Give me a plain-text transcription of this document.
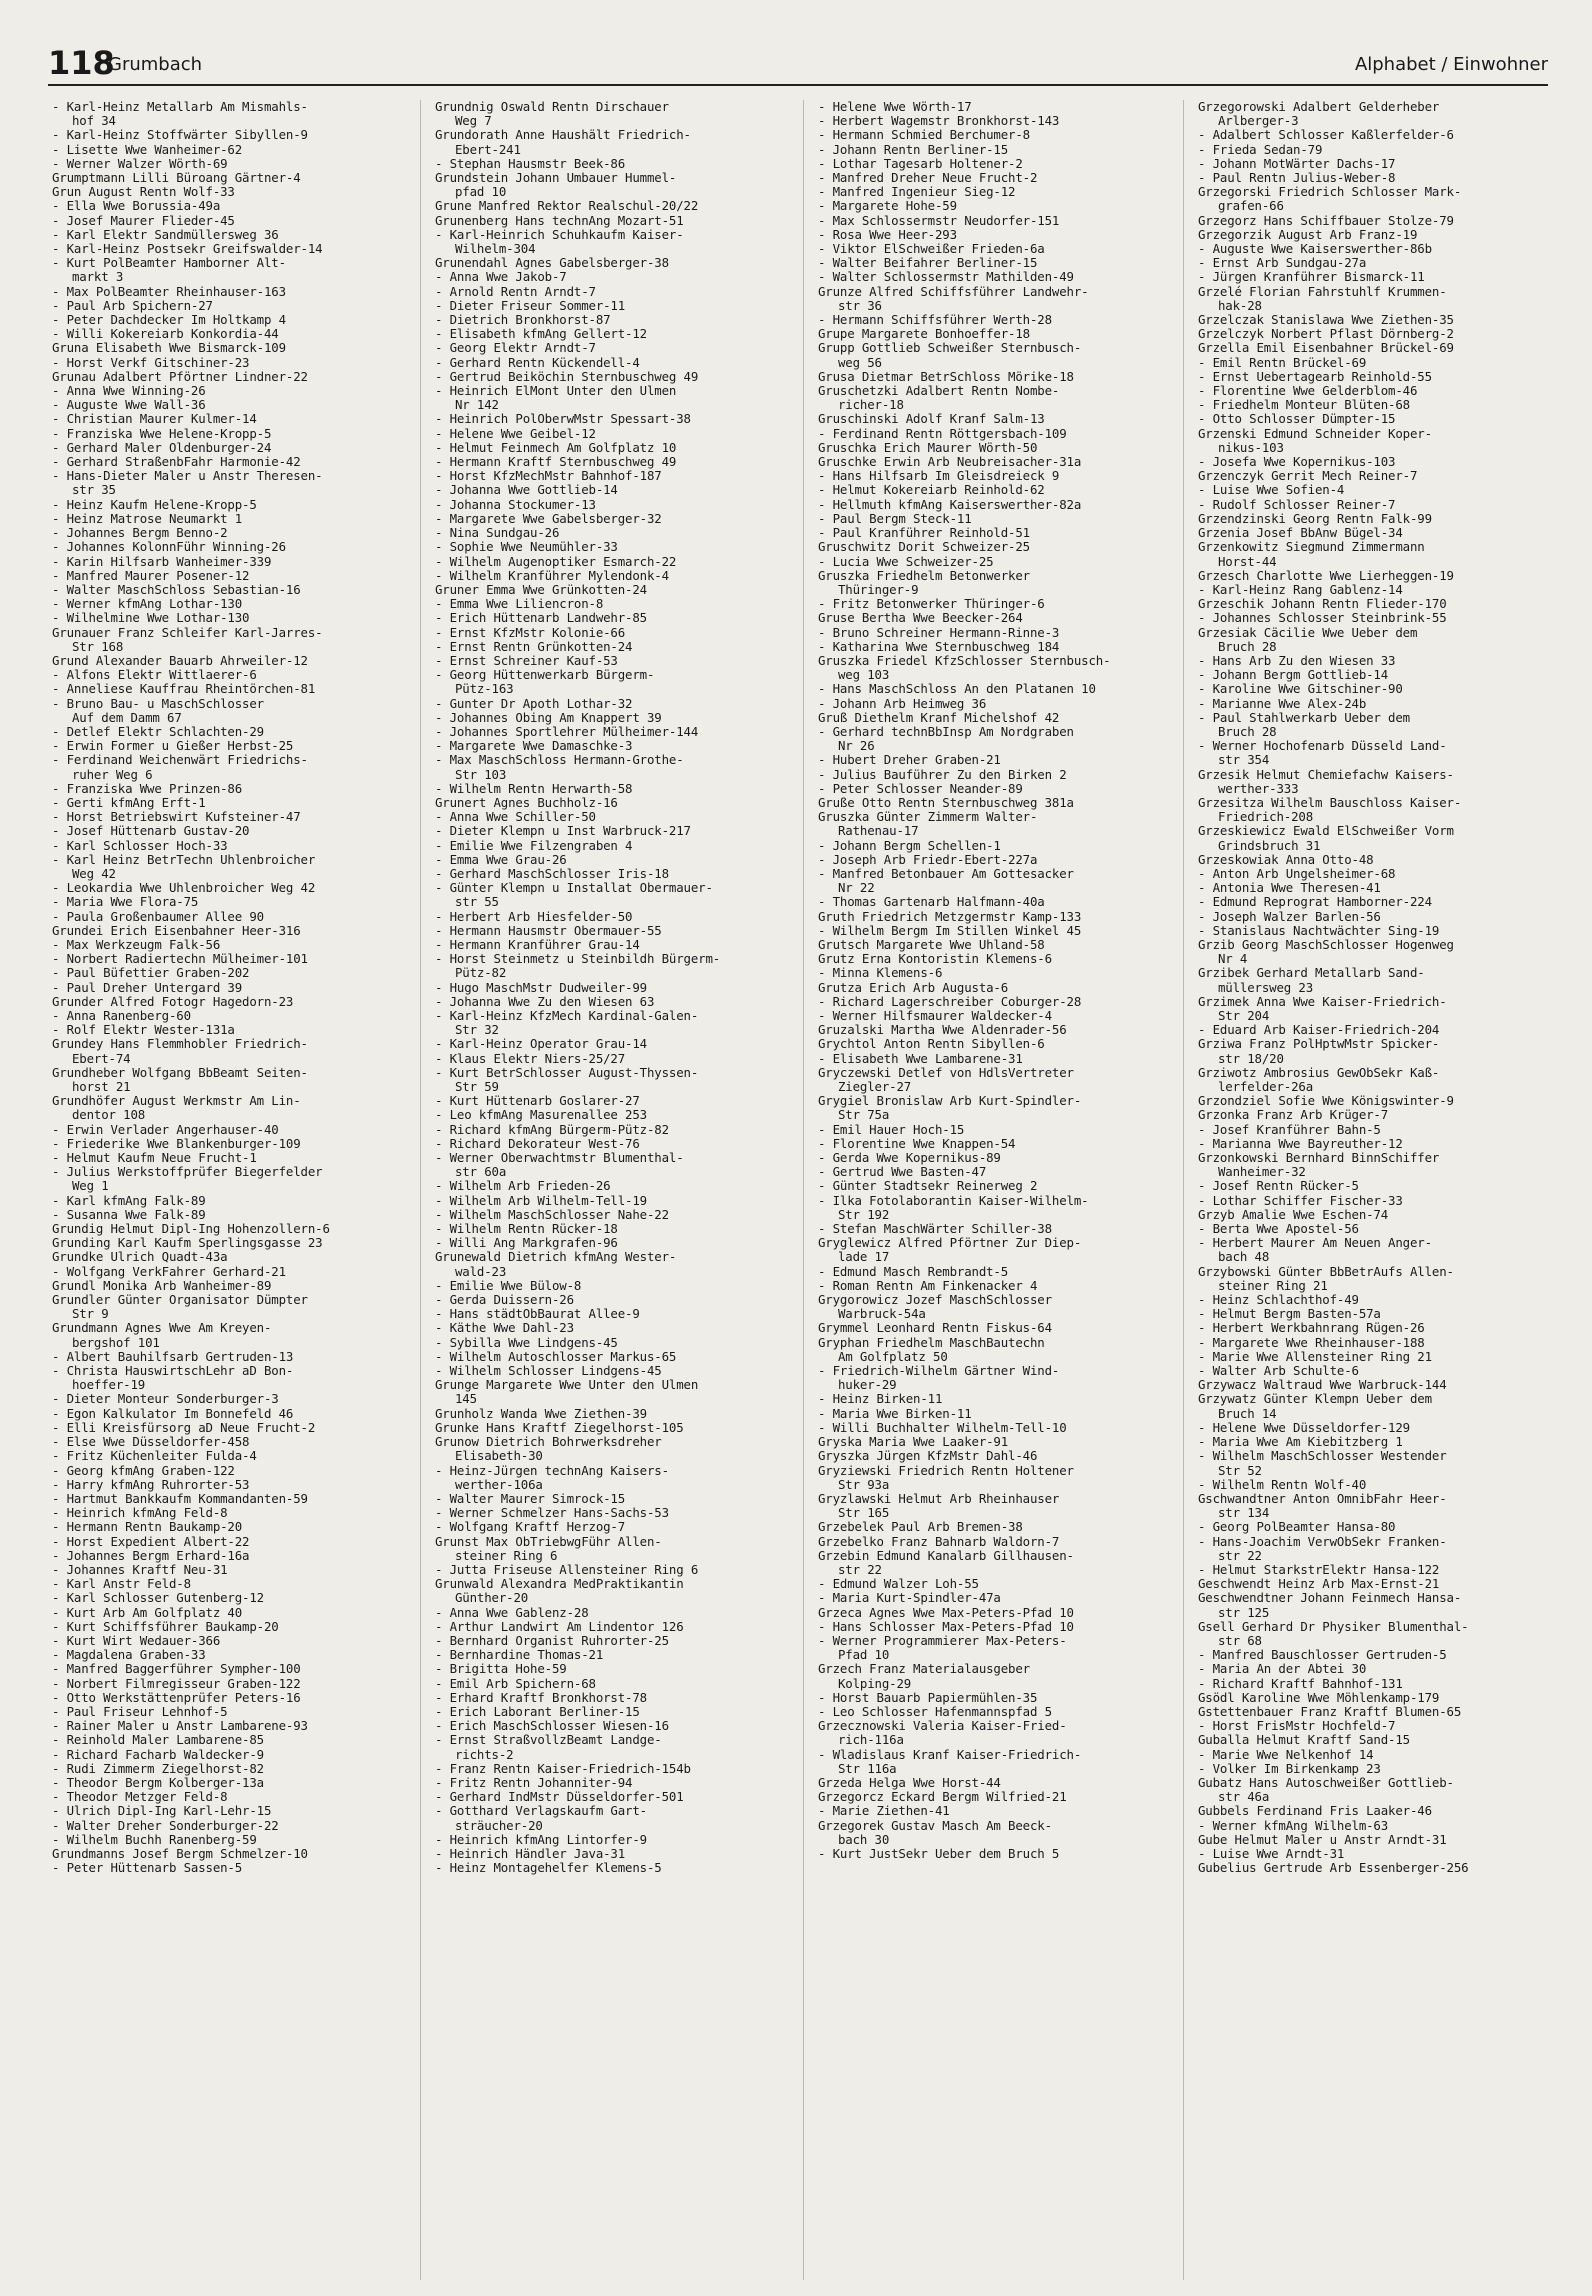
118
Grumbach	Alphabet / Einwohner
- Karl-Heinz Metallarb Am Mismahls-
hof 34
- Karl-Heinz Stoffwärter Sibyllen-9
- Lisette Wwe Wanheimer-62
- Werner Walzer Wörth-69
Grumptmann Lilli Büroang Gärtner-4
Grun August Rentn Wolf-33
- Ella Wwe Borussia-49a
- Josef Maurer Flieder-45
- Karl Elektr Sandmüllersweg 36
- Karl-Heinz Postsekr Greifswalder-14
- Kurt PolBeamter Hamborner Alt-
markt 3
- Max PolBeamter Rheinhauser-163
- Paul Arb Spichern-27
- Peter Dachdecker Im Holtkamp 4
- Willi Kokereiarb Konkordia-44
Gruna Elisabeth Wwe Bismarck-109
- Horst Verkf Gitschiner-23
Grunau Adalbert Pförtner Lindner-22
- Anna Wwe Winning-26
- Auguste Wwe Wall-36
- Christian Maurer Kulmer-14
- Franziska Wwe Helene-Kropp-5
- Gerhard Maler Oldenburger-24
- Gerhard StraßenbFahr Harmonie-42
- Hans-Dieter Maler u Anstr Theresen-
str 35
- Heinz Kaufm Helene-Kropp-5
- Heinz Matrose Neumarkt 1
- Johannes Bergm Benno-2
- Johannes KolonnFühr Winning-26
- Karin Hilfsarb Wanheimer-339
- Manfred Maurer Posener-12
- Walter MaschSchloss Sebastian-16
- Werner kfmAng Lothar-130
- Wilhelmine Wwe Lothar-130
Grunauer Franz Schleifer Karl-Jarres-
Str 168
Grund Alexander Bauarb Ahrweiler-12
- Alfons Elektr Wittlaerer-6
- Anneliese Kauffrau Rheintörchen-81
- Bruno Bau- u MaschSchlosser
Auf dem Damm 67
- Detlef Elektr Schlachten-29
- Erwin Former u Gießer Herbst-25
- Ferdinand Weichenwärt Friedrichs-
ruher Weg 6
- Franziska Wwe Prinzen-86
- Gerti kfmAng Erft-1
- Horst Betriebswirt Kufsteiner-47
- Josef Hüttenarb Gustav-20
- Karl Schlosser Hoch-33
- Karl Heinz BetrTechn Uhlenbroicher
Weg 42
- Leokardia Wwe Uhlenbroicher Weg 42
- Maria Wwe Flora-75
- Paula Großenbaumer Allee 90
Grundei Erich Eisenbahner Heer-316
- Max Werkzeugm Falk-56
- Norbert Radiertechn Mülheimer-101
- Paul Büfettier Graben-202
- Paul Dreher Untergard 39
Grunder Alfred Fotogr Hagedorn-23
- Anna Ranenberg-60
- Rolf Elektr Wester-131a
Grundey Hans Flemmhobler Friedrich-
Ebert-74
Grundheber Wolfgang BbBeamt Seiten-
horst 21
Grundhöfer August Werkmstr Am Lin-
dentor 108
- Erwin Verlader Angerhauser-40
- Friederike Wwe Blankenburger-109
- Helmut Kaufm Neue Frucht-1
- Julius Werkstoffprüfer Biegerfelder
Weg 1
- Karl kfmAng Falk-89
- Susanna Wwe Falk-89
Grundig Helmut Dipl-Ing Hohenzollern-6
Grunding Karl Kaufm Sperlingsgasse 23
Grundke Ulrich Quadt-43a
- Wolfgang VerkFahrer Gerhard-21
Grundl Monika Arb Wanheimer-89
Grundler Günter Organisator Dümpter
Str 9
Grundmann Agnes Wwe Am Kreyen-
bergshof 101
- Albert Bauhilfsarb Gertruden-13
- Christa HauswirtschLehr aD Bon-
hoeffer-19
- Dieter Monteur Sonderburger-3
- Egon Kalkulator Im Bonnefeld 46
- Elli Kreisfürsorg aD Neue Frucht-2
- Else Wwe Düsseldorfer-458
- Fritz Küchenleiter Fulda-4
- Georg kfmAng Graben-122
- Harry kfmAng Ruhrorter-53
- Hartmut Bankkaufm Kommandanten-59
- Heinrich kfmAng Feld-8
- Hermann Rentn Baukamp-20
- Horst Expedient Albert-22
- Johannes Bergm Erhard-16a
- Johannes Kraftf Neu-31
- Karl Anstr Feld-8
- Karl Schlosser Gutenberg-12
- Kurt Arb Am Golfplatz 40
- Kurt Schiffsführer Baukamp-20
- Kurt Wirt Wedauer-366
- Magdalena Graben-33
- Manfred Baggerführer Sympher-100
- Norbert Filmregisseur Graben-122
- Otto Werkstättenprüfer Peters-16
- Paul Friseur Lehnhof-5
- Rainer Maler u Anstr Lambarene-93
- Reinhold Maler Lambarene-85
- Richard Facharb Waldecker-9
- Rudi Zimmerm Ziegelhorst-82
- Theodor Bergm Kolberger-13a
- Theodor Metzger Feld-8
- Ulrich Dipl-Ing Karl-Lehr-15
- Walter Dreher Sonderburger-22
- Wilhelm Buchh Ranenberg-59
Grundmanns Josef Bergm Schmelzer-10
- Peter Hüttenarb Sassen-5
Grundnig Oswald Rentn Dirschauer
Weg 7
Grundorath Anne Haushält Friedrich-
Ebert-241
- Stephan Hausmstr Beek-86
Grundstein Johann Umbauer Hummel-
pfad 10
Grune Manfred Rektor Realschul-20/22
Grunenberg Hans technAng Mozart-51
- Karl-Heinrich Schuhkaufm Kaiser-
Wilhelm-304
Grunendahl Agnes Gabelsberger-38
- Anna Wwe Jakob-7
- Arnold Rentn Arndt-7
- Dieter Friseur Sommer-11
- Dietrich Bronkhorst-87
- Elisabeth kfmAng Gellert-12
- Georg Elektr Arndt-7
- Gerhard Rentn Kückendell-4
- Gertrud Beiköchin Sternbuschweg 49
- Heinrich ElMont Unter den Ulmen
Nr 142
- Heinrich PolOberwMstr Spessart-38
- Helene Wwe Geibel-12
- Helmut Feinmech Am Golfplatz 10
- Hermann Kraftf Sternbuschweg 49
- Horst KfzMechMstr Bahnhof-187
- Johanna Wwe Gottlieb-14
- Johanna Stockumer-13
- Margarete Wwe Gabelsberger-32
- Nina Sundgau-26
- Sophie Wwe Neumühler-33
- Wilhelm Augenoptiker Esmarch-22
- Wilhelm Kranführer Mylendonk-4
Gruner Emma Wwe Grünkotten-24
- Emma Wwe Liliencron-8
- Erich Hüttenarb Landwehr-85
- Ernst KfzMstr Kolonie-66
- Ernst Rentn Grünkotten-24
- Ernst Schreiner Kauf-53
- Georg Hüttenwerkarb Bürgerm-
Pütz-163
- Gunter Dr Apoth Lothar-32
- Johannes Obing Am Knappert 39
- Johannes Sportlehrer Mülheimer-144
- Margarete Wwe Damaschke-3
- Max MaschSchloss Hermann-Grothe-
Str 103
- Wilhelm Rentn Herwarth-58
Grunert Agnes Buchholz-16
- Anna Wwe Schiller-50
- Dieter Klempn u Inst Warbruck-217
- Emilie Wwe Filzengraben 4
- Emma Wwe Grau-26
- Gerhard MaschSchlosser Iris-18
- Günter Klempn u Installat Obermauer-
str 55
- Herbert Arb Hiesfelder-50
- Hermann Hausmstr Obermauer-55
- Hermann Kranführer Grau-14
- Horst Steinmetz u Steinbildh Bürgerm-
Pütz-82
- Hugo MaschMstr Dudweiler-99
- Johanna Wwe Zu den Wiesen 63
- Karl-Heinz KfzMech Kardinal-Galen-
Str 32
- Karl-Heinz Operator Grau-14
- Klaus Elektr Niers-25/27
- Kurt BetrSchlosser August-Thyssen-
Str 59
- Kurt Hüttenarb Goslarer-27
- Leo kfmAng Masurenallee 253
- Richard kfmAng Bürgerm-Pütz-82
- Richard Dekorateur West-76
- Werner Oberwachtmstr Blumenthal-
str 60a
- Wilhelm Arb Frieden-26
- Wilhelm Arb Wilhelm-Tell-19
- Wilhelm MaschSchlosser Nahe-22
- Wilhelm Rentn Rücker-18
- Willi Ang Markgrafen-96
Grunewald Dietrich kfmAng Wester-
wald-23
- Emilie Wwe Bülow-8
- Gerda Duissern-26
- Hans städtObBaurat Allee-9
- Käthe Wwe Dahl-23
- Sybilla Wwe Lindgens-45
- Wilhelm Autoschlosser Markus-65
- Wilhelm Schlosser Lindgens-45
Grunge Margarete Wwe Unter den Ulmen
145
Grunholz Wanda Wwe Ziethen-39
Grunke Hans Kraftf Ziegelhorst-105
Grunow Dietrich Bohrwerksdreher
Elisabeth-30
- Heinz-Jürgen technAng Kaisers-
werther-106a
- Walter Maurer Simrock-15
- Werner Schmelzer Hans-Sachs-53
- Wolfgang Kraftf Herzog-7
Grunst Max ObTriebwgFühr Allen-
steiner Ring 6
- Jutta Friseuse Allensteiner Ring 6
Grunwald Alexandra MedPraktikantin
Günther-20
- Anna Wwe Gablenz-28
- Arthur Landwirt Am Lindentor 126
- Bernhard Organist Ruhrorter-25
- Bernhardine Thomas-21
- Brigitta Hohe-59
- Emil Arb Spichern-68
- Erhard Kraftf Bronkhorst-78
- Erich Laborant Berliner-15
- Erich MaschSchlosser Wiesen-16
- Ernst StraßvollzBeamt Landge-
richts-2
- Franz Rentn Kaiser-Friedrich-154b
- Fritz Rentn Johanniter-94
- Gerhard IndMstr Düsseldorfer-501
- Gotthard Verlagskaufm Gart-
sträucher-20
- Heinrich kfmAng Lintorfer-9
- Heinrich Händler Java-31
- Heinz Montagehelfer Klemens-5
- Helene Wwe Wörth-17
- Herbert Wagemstr Bronkhorst-143
- Hermann Schmied Berchumer-8
- Johann Rentn Berliner-15
- Lothar Tagesarb Holtener-2
- Manfred Dreher Neue Frucht-2
- Manfred Ingenieur Sieg-12
- Margarete Hohe-59
- Max Schlossermstr Neudorfer-151
- Rosa Wwe Heer-293
- Viktor ElSchweißer Frieden-6a
- Walter Beifahrer Berliner-15
- Walter Schlossermstr Mathilden-49
Grunze Alfred Schiffsführer Landwehr-
str 36
- Hermann Schiffsführer Werth-28
Grupe Margarete Bonhoeffer-18
Grupp Gottlieb Schweißer Sternbusch-
weg 56
Grusa Dietmar BetrSchloss Mörike-18
Gruschetzki Adalbert Rentn Nombe-
richer-18
Gruschinski Adolf Kranf Salm-13
- Ferdinand Rentn Röttgersbach-109
Gruschka Erich Maurer Wörth-50
Gruschke Erwin Arb Neubreisacher-31a
- Hans Hilfsarb Im Gleisdreieck 9
- Helmut Kokereiarb Reinhold-62
- Hellmuth kfmAng Kaiserswerther-82a
- Paul Bergm Steck-11
- Paul Kranführer Reinhold-51
Gruschwitz Dorit Schweizer-25
- Lucia Wwe Schweizer-25
Gruszka Friedhelm Betonwerker
Thüringer-9
- Fritz Betonwerker Thüringer-6
Gruse Bertha Wwe Beecker-264
- Bruno Schreiner Hermann-Rinne-3
- Katharina Wwe Sternbuschweg 184
Gruszka Friedel KfzSchlosser Sternbusch-
weg 103
- Hans MaschSchloss An den Platanen 10
- Johann Arb Heimweg 36
Gruß Diethelm Kranf Michelshof 42
- Gerhard technBbInsp Am Nordgraben
Nr 26
- Hubert Dreher Graben-21
- Julius Bauführer Zu den Birken 2
- Peter Schlosser Neander-89
Gruße Otto Rentn Sternbuschweg 381a
Gruszka Günter Zimmerm Walter-
Rathenau-17
- Johann Bergm Schellen-1
- Joseph Arb Friedr-Ebert-227a
- Manfred Betonbauer Am Gottesacker
Nr 22
- Thomas Gartenarb Halfmann-40a
Gruth Friedrich Metzgermstr Kamp-133
- Wilhelm Bergm Im Stillen Winkel 45
Grutsch Margarete Wwe Uhland-58
Grutz Erna Kontoristin Klemens-6
- Minna Klemens-6
Grutza Erich Arb Augusta-6
- Richard Lagerschreiber Coburger-28
- Werner Hilfsmaurer Waldecker-4
Gruzalski Martha Wwe Aldenrader-56
Grychtol Anton Rentn Sibyllen-6
- Elisabeth Wwe Lambarene-31
Gryczewski Detlef von HdlsVertreter
Ziegler-27
Grygiel Bronislaw Arb Kurt-Spindler-
Str 75a
- Emil Hauer Hoch-15
- Florentine Wwe Knappen-54
- Gerda Wwe Kopernikus-89
- Gertrud Wwe Basten-47
- Günter Stadtsekr Reinerweg 2
- Ilka Fotolaborantin Kaiser-Wilhelm-
Str 192
- Stefan MaschWärter Schiller-38
Gryglewicz Alfred Pförtner Zur Diep-
lade 17
- Edmund Masch Rembrandt-5
- Roman Rentn Am Finkenacker 4
Grygorowicz Jozef MaschSchlosser
Warbruck-54a
Grymmel Leonhard Rentn Fiskus-64
Gryphan Friedhelm MaschBautechn
Am Golfplatz 50
- Friedrich-Wilhelm Gärtner Wind-
huker-29
- Heinz Birken-11
- Maria Wwe Birken-11
- Willi Buchhalter Wilhelm-Tell-10
Gryska Maria Wwe Laaker-91
Gryszka Jürgen KfzMstr Dahl-46
Gryziewski Friedrich Rentn Holtener
Str 93a
Gryzlawski Helmut Arb Rheinhauser
Str 165
Grzebelek Paul Arb Bremen-38
Grzebelko Franz Bahnarb Waldorn-7
Grzebin Edmund Kanalarb Gillhausen-
str 22
- Edmund Walzer Loh-55
- Maria Kurt-Spindler-47a
Grzeca Agnes Wwe Max-Peters-Pfad 10
- Hans Schlosser Max-Peters-Pfad 10
- Werner Programmierer Max-Peters-
Pfad 10
Grzech Franz Materialausgeber
Kolping-29
- Horst Bauarb Papiermühlen-35
- Leo Schlosser Hafenmannspfad 5
Grzecznowski Valeria Kaiser-Fried-
rich-116a
- Wladislaus Kranf Kaiser-Friedrich-
Str 116a
Grzeda Helga Wwe Horst-44
Grzegorcz Eckard Bergm Wilfried-21
- Marie Ziethen-41
Grzegorek Gustav Masch Am Beeck-
bach 30
- Kurt JustSekr Ueber dem Bruch 5
Grzegorowski Adalbert Gelderheber
Arlberger-3
- Adalbert Schlosser Kaßlerfelder-6
- Frieda Sedan-79
- Johann MotWärter Dachs-17
- Paul Rentn Julius-Weber-8
Grzegorski Friedrich Schlosser Mark-
grafen-66
Grzegorz Hans Schiffbauer Stolze-79
Grzegorzik August Arb Franz-19
- Auguste Wwe Kaiserswerther-86b
- Ernst Arb Sundgau-27a
- Jürgen Kranführer Bismarck-11
Grzelé Florian Fahrstuhlf Krummen-
hak-28
Grzelczak Stanislawa Wwe Ziethen-35
Grzelczyk Norbert Pflast Dörnberg-2
Grzella Emil Eisenbahner Brückel-69
- Emil Rentn Brückel-69
- Ernst Uebertagearb Reinhold-55
- Florentine Wwe Gelderblom-46
- Friedhelm Monteur Blüten-68
- Otto Schlosser Dümpter-15
Grzenski Edmund Schneider Koper-
nikus-103
- Josefa Wwe Kopernikus-103
Grzenczyk Gerrit Mech Reiner-7
- Luise Wwe Sofien-4
- Rudolf Schlosser Reiner-7
Grzendzinski Georg Rentn Falk-99
Grzenia Josef BbAnw Bügel-34
Grzenkowitz Siegmund Zimmermann
Horst-44
Grzesch Charlotte Wwe Lierheggen-19
- Karl-Heinz Rang Gablenz-14
Grzeschik Johann Rentn Flieder-170
- Johannes Schlosser Steinbrink-55
Grzesiak Cäcilie Wwe Ueber dem
Bruch 28
- Hans Arb Zu den Wiesen 33
- Johann Bergm Gottlieb-14
- Karoline Wwe Gitschiner-90
- Marianne Wwe Alex-24b
- Paul Stahlwerkarb Ueber dem
Bruch 28
- Werner Hochofenarb Düsseld Land-
str 354
Grzesik Helmut Chemiefachw Kaisers-
werther-333
Grzesitza Wilhelm Bauschloss Kaiser-
Friedrich-208
Grzeskiewicz Ewald ElSchweißer Vorm
Grindsbruch 31
Grzeskowiak Anna Otto-48
- Anton Arb Ungelsheimer-68
- Antonia Wwe Theresen-41
- Edmund Reprograt Hamborner-224
- Joseph Walzer Barlen-56
- Stanislaus Nachtwächter Sing-19
Grzib Georg MaschSchlosser Hogenweg
Nr 4
Grzibek Gerhard Metallarb Sand-
müllersweg 23
Grzimek Anna Wwe Kaiser-Friedrich-
Str 204
- Eduard Arb Kaiser-Friedrich-204
Grziwa Franz PolHptwMstr Spicker-
str 18/20
Grziwotz Ambrosius GewObSekr Kaß-
lerfelder-26a
Grzondziel Sofie Wwe Königswinter-9
Grzonka Franz Arb Krüger-7
- Josef Kranführer Bahn-5
- Marianna Wwe Bayreuther-12
Grzonkowski Bernhard BinnSchiffer
Wanheimer-32
- Josef Rentn Rücker-5
- Lothar Schiffer Fischer-33
Grzyb Amalie Wwe Eschen-74
- Berta Wwe Apostel-56
- Herbert Maurer Am Neuen Anger-
bach 48
Grzybowski Günter BbBetrAufs Allen-
steiner Ring 21
- Heinz Schlachthof-49
- Helmut Bergm Basten-57a
- Herbert Werkbahnrang Rügen-26
- Margarete Wwe Rheinhauser-188
- Marie Wwe Allensteiner Ring 21
- Walter Arb Schulte-6
Grzywacz Waltraud Wwe Warbruck-144
Grzywatz Günter Klempn Ueber dem
Bruch 14
- Helene Wwe Düsseldorfer-129
- Maria Wwe Am Kiebitzberg 1
- Wilhelm MaschSchlosser Westender
Str 52
- Wilhelm Rentn Wolf-40
Gschwandtner Anton OmnibFahr Heer-
str 134
- Georg PolBeamter Hansa-80
- Hans-Joachim VerwObSekr Franken-
str 22
- Helmut StarkstrElektr Hansa-122
Geschwendt Heinz Arb Max-Ernst-21
Geschwendtner Johann Feinmech Hansa-
str 125
Gsell Gerhard Dr Physiker Blumenthal-
str 68
- Manfred Bauschlosser Gertruden-5
- Maria An der Abtei 30
- Richard Kraftf Bahnhof-131
Gsödl Karoline Wwe Möhlenkamp-179
Gstettenbauer Franz Kraftf Blumen-65
- Horst FrisMstr Hochfeld-7
Guballa Helmut Kraftf Sand-15
- Marie Wwe Nelkenhof 14
- Volker Im Birkenkamp 23
Gubatz Hans Autoschweißer Gottlieb-
str 46a
Gubbels Ferdinand Fris Laaker-46
- Werner kfmAng Wilhelm-63
Gube Helmut Maler u Anstr Arndt-31
- Luise Wwe Arndt-31
Gubelius Gertrude Arb Essenberger-256
